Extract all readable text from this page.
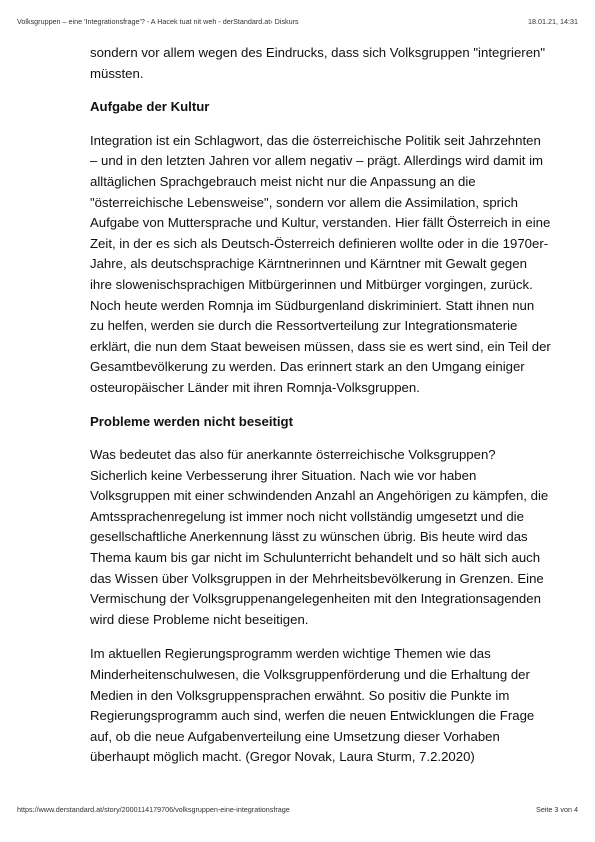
Volksgruppen – eine 'Integrationsfrage'? - A Hacek tuat nit weh - derStandard.at› Diskurs	18.01.21, 14:31

sondern vor allem wegen des Eindrucks, dass sich Volksgruppen "integrieren"
müssten.

Aufgabe der Kultur

Integration ist ein Schlagwort, das die österreichische Politik seit Jahrzehnten
– und in den letzten Jahren vor allem negativ – prägt. Allerdings wird damit im
alltäglichen Sprachgebrauch meist nicht nur die Anpassung an die
"österreichische Lebensweise", sondern vor allem die Assimilation, sprich
Aufgabe von Muttersprache und Kultur, verstanden. Hier fällt Österreich in eine
Zeit, in der es sich als Deutsch-Österreich definieren wollte oder in die 1970er-
Jahre, als deutschsprachige Kärntnerinnen und Kärntner mit Gewalt gegen
ihre slowenischsprachigen Mitbürgerinnen und Mitbürger vorgingen, zurück.
Noch heute werden Romnja im Südburgenland diskriminiert. Statt ihnen nun
zu helfen, werden sie durch die Ressortverteilung zur Integrationsmaterie
erklärt, die nun dem Staat beweisen müssen, dass sie es wert sind, ein Teil der
Gesamtbevölkerung zu werden. Das erinnert stark an den Umgang einiger
osteuropäischer Länder mit ihren Romnja-Volksgruppen.

Probleme werden nicht beseitigt

Was bedeutet das also für anerkannte österreichische Volksgruppen?
Sicherlich keine Verbesserung ihrer Situation. Nach wie vor haben
Volksgruppen mit einer schwindenden Anzahl an Angehörigen zu kämpfen, die
Amtssprachenregelung ist immer noch nicht vollständig umgesetzt und die
gesellschaftliche Anerkennung lässt zu wünschen übrig. Bis heute wird das
Thema kaum bis gar nicht im Schulunterricht behandelt und so hält sich auch
das Wissen über Volksgruppen in der Mehrheitsbevölkerung in Grenzen. Eine
Vermischung der Volksgruppenangelegenheiten mit den Integrationsagenden
wird diese Probleme nicht beseitigen.

Im aktuellen Regierungsprogramm werden wichtige Themen wie das
Minderheitenschulwesen, die Volksgruppenförderung und die Erhaltung der
Medien in den Volksgruppensprachen erwähnt. So positiv die Punkte im
Regierungsprogramm auch sind, werfen die neuen Entwicklungen die Frage
auf, ob die neue Aufgabenverteilung eine Umsetzung dieser Vorhaben
überhaupt möglich macht. (Gregor Novak, Laura Sturm, 7.2.2020)

https://www.derstandard.at/story/2000114179706/volksgruppen-eine-integrationsfrage	Seite 3 von 4
